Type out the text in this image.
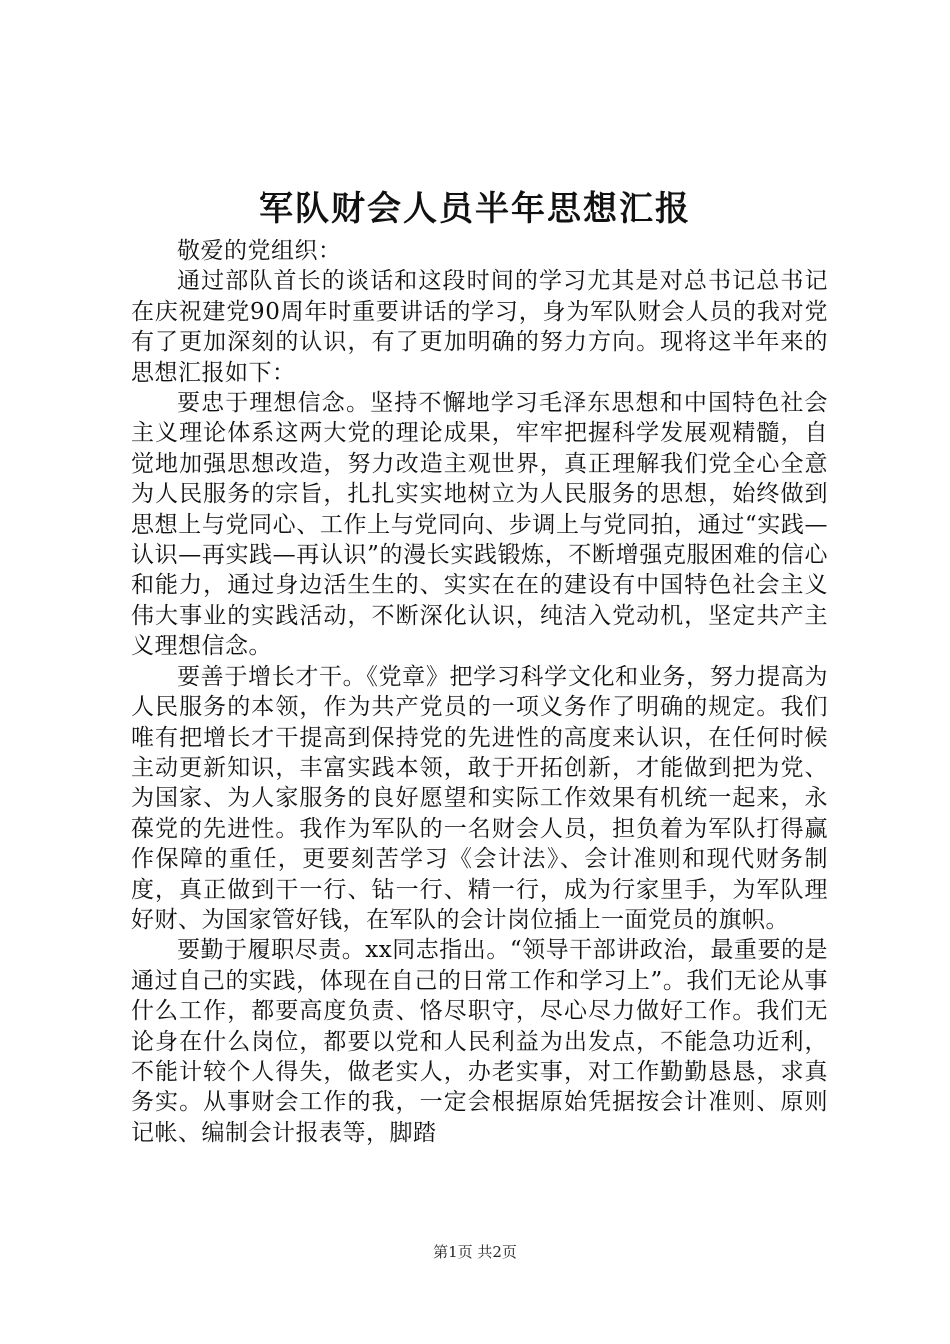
军队财会人员半年思想汇报

敬爱的党组织：

通过部队首长的谈话和这段时间的学习尤其是对总书记总书记在庆祝建党90周年时重要讲话的学习，身为军队财会人员的我对党有了更加深刻的认识，有了更加明确的努力方向。现将这半年来的思想汇报如下：

要忠于理想信念。坚持不懈地学习毛泽东思想和中国特色社会主义理论体系这两大党的理论成果，牢牢把握科学发展观精髓，自觉地加强思想改造，努力改造主观世界，真正理解我们党全心全意为人民服务的宗旨，扎扎实实地树立为人民服务的思想，始终做到思想上与党同心、工作上与党同向、步调上与党同拍，通过“实践—认识—再实践—再认识”的漫长实践锻炼，不断增强克服困难的信心和能力，通过身边活生生的、实实在在的建设有中国特色社会主义伟大事业的实践活动，不断深化认识，纯洁入党动机，坚定共产主义理想信念。

要善于增长才干。《党章》把学习科学文化和业务，努力提高为人民服务的本领，作为共产党员的一项义务作了明确的规定。我们唯有把增长才干提高到保持党的先进性的高度来认识，在任何时候主动更新知识，丰富实践本领，敢于开拓创新，才能做到把为党、为国家、为人家服务的良好愿望和实际工作效果有机统一起来，永葆党的先进性。我作为军队的一名财会人员，担负着为军队打得赢作保障的重任，更要刻苦学习《会计法》、会计准则和现代财务制度，真正做到干一行、钻一行、精一行，成为行家里手，为军队理好财、为国家管好钱，在军队的会计岗位插上一面党员的旗帜。

要勤于履职尽责。xx同志指出。“领导干部讲政治，最重要的是通过自己的实践，体现在自己的日常工作和学习上”。我们无论从事什么工作，都要高度负责、恪尽职守，尽心尽力做好工作。我们无论身在什么岗位，都要以党和人民利益为出发点，不能急功近利，不能计较个人得失，做老实人，办老实事，对工作勤勤恳恳，求真务实。从事财会工作的我，一定会根据原始凭据按会计准则、原则记帐、编制会计报表等，脚踏

第1页 共2页
